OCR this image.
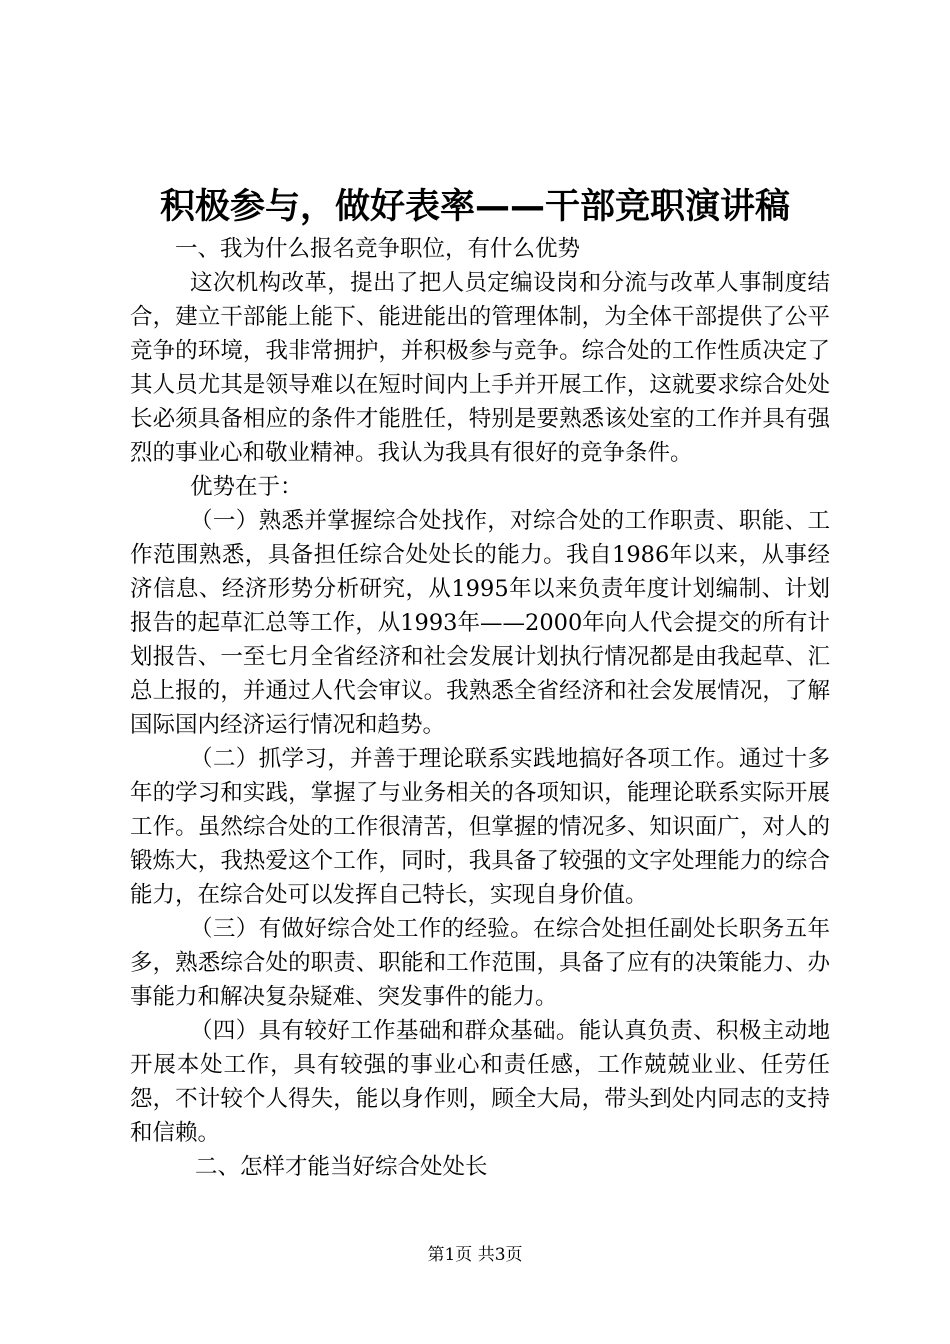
积极参与，做好表率——干部竞职演讲稿

一、我为什么报名竞争职位，有什么优势

这次机构改革，提出了把人员定编设岗和分流与改革人事制度结合，建立干部能上能下、能进能出的管理体制，为全体干部提供了公平竞争的环境，我非常拥护，并积极参与竞争。综合处的工作性质决定了其人员尤其是领导难以在短时间内上手并开展工作，这就要求综合处处长必须具备相应的条件才能胜任，特别是要熟悉该处室的工作并具有强烈的事业心和敬业精神。我认为我具有很好的竞争条件。

优势在于：

（一）熟悉并掌握综合处找作，对综合处的工作职责、职能、工作范围熟悉，具备担任综合处处长的能力。我自1986年以来，从事经济信息、经济形势分析研究，从1995年以来负责年度计划编制、计划报告的起草汇总等工作，从1993年——2000年向人代会提交的所有计划报告、一至七月全省经济和社会发展计划执行情况都是由我起草、汇总上报的，并通过人代会审议。我熟悉全省经济和社会发展情况，了解国际国内经济运行情况和趋势。

（二）抓学习，并善于理论联系实践地搞好各项工作。通过十多年的学习和实践，掌握了与业务相关的各项知识，能理论联系实际开展工作。虽然综合处的工作很清苦，但掌握的情况多、知识面广，对人的锻炼大，我热爱这个工作，同时，我具备了较强的文字处理能力的综合能力，在综合处可以发挥自己特长，实现自身价值。

（三）有做好综合处工作的经验。在综合处担任副处长职务五年多，熟悉综合处的职责、职能和工作范围，具备了应有的决策能力、办事能力和解决复杂疑难、突发事件的能力。

（四）具有较好工作基础和群众基础。能认真负责、积极主动地开展本处工作，具有较强的事业心和责任感，工作兢兢业业、任劳任怨，不计较个人得失，能以身作则，顾全大局，带头到处内同志的支持和信赖。

二、怎样才能当好综合处处长

第1页 共3页
